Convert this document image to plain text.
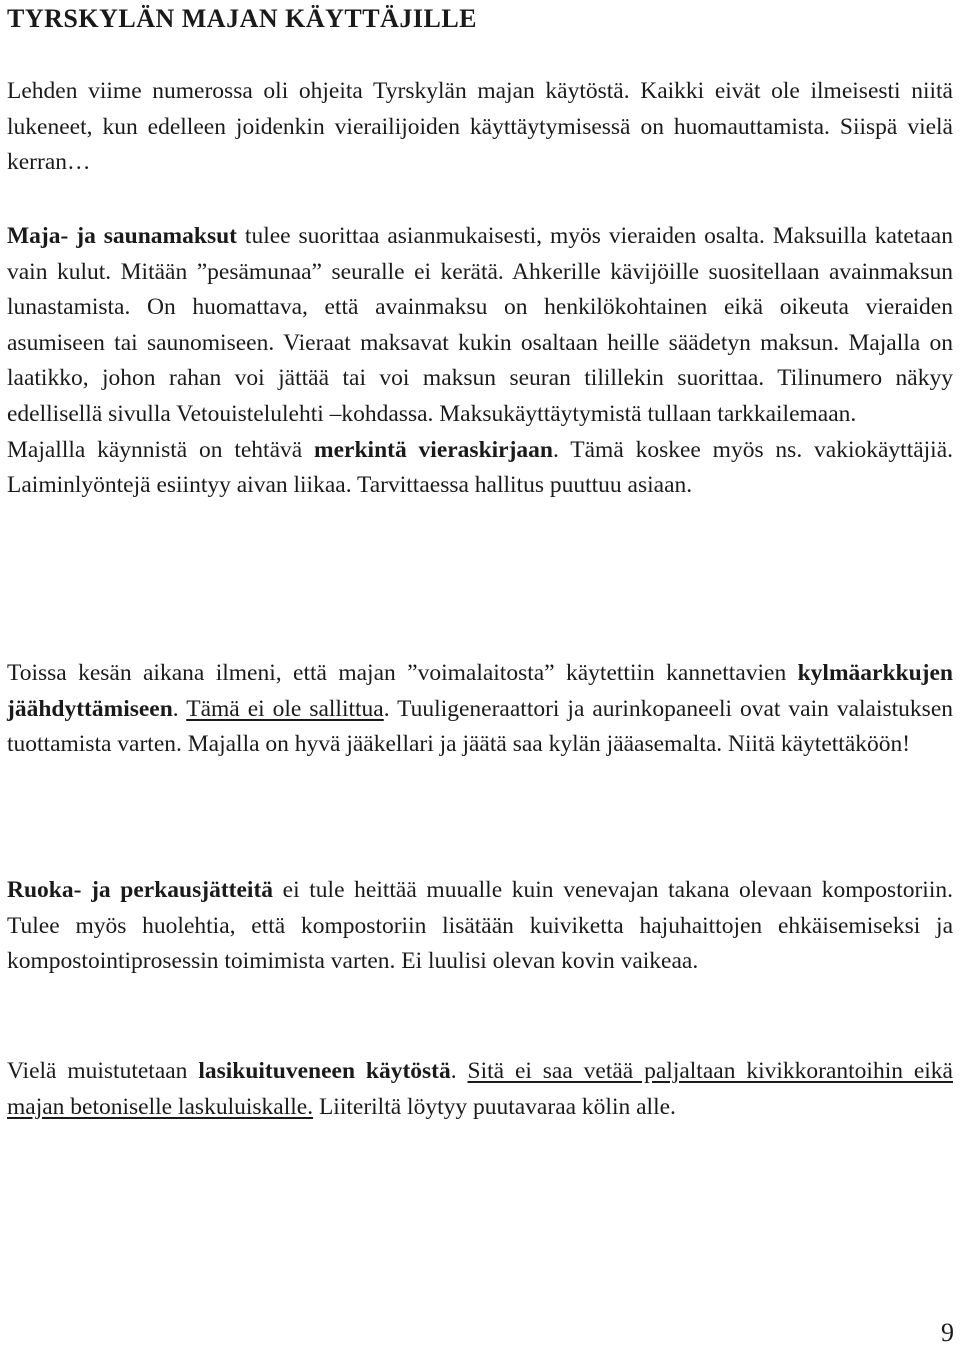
TYRSKYLÄN MAJAN KÄYTTÄJILLE

Lehden viime numerossa oli ohjeita Tyrskylän majan käytöstä. Kaikki eivät ole ilmeisesti niitä lukeneet, kun edelleen joidenkin vierailijoiden käyttäytymisessä on huomauttamista. Siispä vielä kerran…

Maja- ja saunamaksut tulee suorittaa asianmukaisesti, myös vieraiden osalta. Maksuilla katetaan vain kulut. Mitään ”pesämunaa” seuralle ei kerätä. Ahkerille kävijöille suositellaan avainmaksun lunastamista. On huomattava, että avainmaksu on henkilökohtainen eikä oikeuta vieraiden asumiseen tai saunomiseen. Vieraat maksavat kukin osaltaan heille säädetyn maksun. Majalla on laatikko, johon rahan voi jättää tai voi maksun seuran tilillekin suorittaa. Tilinumero näkyy edellisellä sivulla Vetouistelulehti –kohdassa. Maksukäyttäytymistä tullaan tarkkailemaan.
Majallla käynnistä on tehtävä merkintä vieraskirjaan. Tämä koskee myös ns. vakiokäyttäjiä. Laiminlyöntejä esiintyy aivan liikaa. Tarvittaessa hallitus puuttuu asiaan.

Toissa kesän aikana ilmeni, että majan ”voimalaitosta” käytettiin kannettavien kylmäarkkujen jäähdyttämiseen. Tämä ei ole sallittua. Tuuligeneraattori ja aurinkopaneeli ovat vain valaistuksen tuottamista varten. Majalla on hyvä jääkellari ja jäätä saa kylän jääasemalta. Niitä käytettäköön!

Ruoka- ja perkausjätteitä ei tule heittää muualle kuin venevajan takana olevaan kompostoriin. Tulee myös huolehtia, että kompostoriin lisätään kuiviketta hajuhaittojen ehkäisemiseksi ja kompostointiprosessin toimimista varten. Ei luulisi olevan kovin vaikeaa.

Vielä muistutetaan lasikuituveneen käytöstä. Sitä ei saa vetää paljaltaan kivikkorantoihin eikä majan betoniselle laskuluiskalle. Liiteriltä löytyy puutavaraa kölin alle.

9
